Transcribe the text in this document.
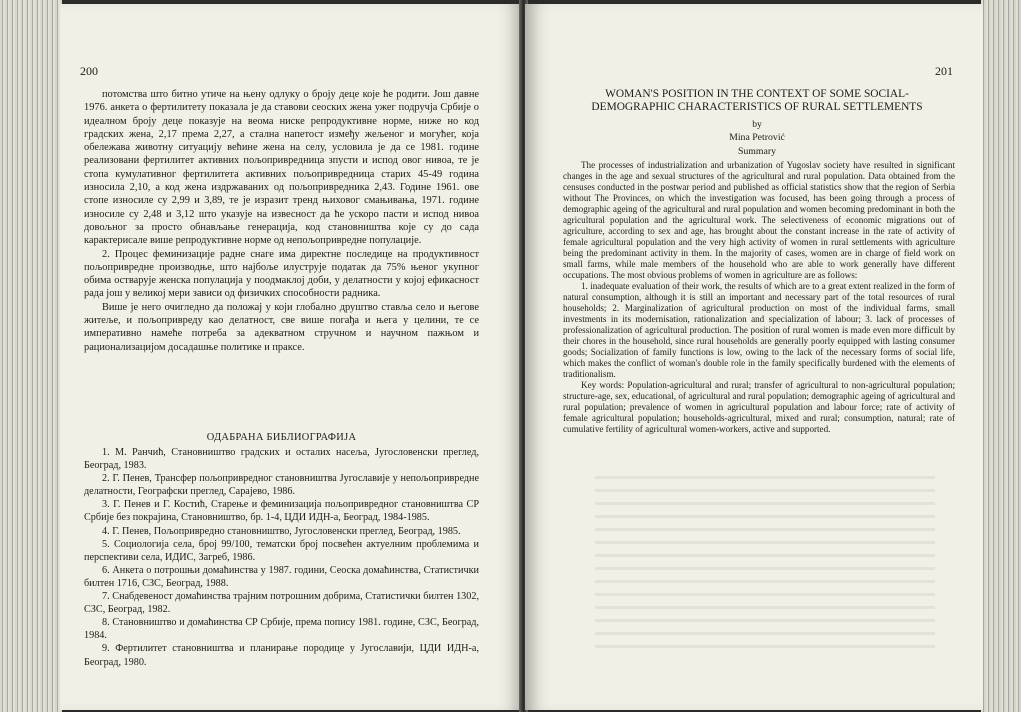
200

потомства што битно утиче на њену одлуку о броју деце које ће родити. Још давне 1976. анкета о фертилитету показала је да ставови сеоских жена ужег подручја Србије о идеалном броју деце показује на веома ниске репродуктивне норме, ниже но код градских жена, 2,17 према 2,27, а стална напетост између жељеног и могућег, која обележава животну ситуацију већине жена на селу, условила је да се 1981. године реализовани фертилитет активних пољопривредница зпусти и испод овог нивоа, те је стопа кумулативног фертилитета активних пољопривредница старих 45-49 година износила 2,10, а код жена издржаваних од пољопривредника 2,43. Године 1961. ове стопе износиле су 2,99 и 3,89, те је изразит тренд њиховог смањивања, 1971. године износиле су 2,48 и 3,12 што указује на извесност да ће ускоро пасти и испод нивоа довољног за просто обнављање генерација, код становништва које су до сада карактерисале више репродуктивне норме од непољопривредне популације.

2. Процес феминизације радне снаге има директне последице на продуктивност пољопривредне производње, што најбоље илуструје податак да 75% њеног укупног обима остварује женска популација у поодмаклој доби, у делатности у којој ефикасност рада још у великој мери зависи од физичких способности радника.

Више је него очигледно да положај у који глобално друштво ставља село и његове житеље, и пољопривреду као делатност, све више погађа и њега у целини, те се императивно намеће потреба за адекватном стручном и научном пажњом и рационализацијом досадашње политике и праксе.

ОДАБРАНА БИБЛИОГРАФИЈА

1. М. Ранчић, Становништво градских и осталих насеља, Југословенски преглед, Београд, 1983.

2. Г. Пенев, Трансфер пољопривредног становништва Југославије у непољопривредне делатности, Географски преглед, Сарајево, 1986.

3. Г. Пенев и Г. Костић, Старење и феминизација пољопривредног становништва СР Србије без покрајина, Становништво, бр. 1-4, ЦДИ ИДН-а, Београд, 1984-1985.

4. Г. Пенев, Пољопривредно становништво, Југословенски преглед, Београд, 1985.

5. Социологија села, број 99/100, тематски број посвећен актуелним проблемима и перспективи села, ИДИС, Загреб, 1986.

6. Анкета о потрошњи домаћинства у 1987. години, Сеоска домаћинства, Статистички билтен 1716, СЗС, Београд, 1988.

7. Снабдевеност домаћинства трајним потрошним добрима, Статистички билтен 1302, СЗС, Београд, 1982.

8. Становништво и домаћинства СР Србије, према попису 1981. године, СЗС, Београд, 1984.

9. Фертилитет становништва и планирање породице у Југославији, ЦДИ ИДН-а, Београд, 1980.

201
WOMAN'S POSITION IN THE CONTEXT OF SOME SOCIAL-DEMOGRAPHIC CHARACTERISTICS OF RURAL SETTLEMENTS
by
Mina Petrović
Summary

The processes of industrialization and urbanization of Yugoslav society have resulted in significant changes in the age and sexual structures of the agricultural and rural population. Data obtained from the censuses conducted in the postwar period and published as official statistics show that the region of Serbia without The Provinces, on which the investigation was focused, has been going through a process of demographic ageing of the agricultural and rural population and women becoming predominant in both the agricultural population and the agricultural work. The selectiveness of economic migrations out of agriculture, according to sex and age, has brought about the constant increase in the rate of activity of female agricultural population and the very high activity of women in rural settlements with agriculture being the predominant activity in them. In the majority of cases, women are in charge of field work on small farms, while male members of the household who are able to work generally have different occupations. The most obvious problems of women in agriculture are as follows:

1. inadequate evaluation of their work, the results of which are to a great extent realized in the form of natural consumption, although it is still an important and necessary part of the total resources of rural households; 2. Marginalization of agricultural production on most of the individual farms, small investments in its modernisation, rationalization and specialization of labour; 3. lack of processes of professionalization of agricultural production. The position of rural women is made even more difficult by their chores in the household, since rural households are generally poorly equipped with lasting consumer goods; Socialization of family functions is low, owing to the lack of the necessary forms of social life, which makes the conflict of woman's double role in the family specifically burdened with the elements of traditionalism.

Key words: Population-agricultural and rural; transfer of agricultural to non-agricultural population; structure-age, sex, educational, of agricultural and rural population; demographic ageing of agricultural and rural population; prevalence of women in agricultural population and labour force; rate of activity of female agricultural population; households-agricultural, mixed and rural; consumption, natural; rate of cumulative fertility of agricultural women-workers, active and supported.
